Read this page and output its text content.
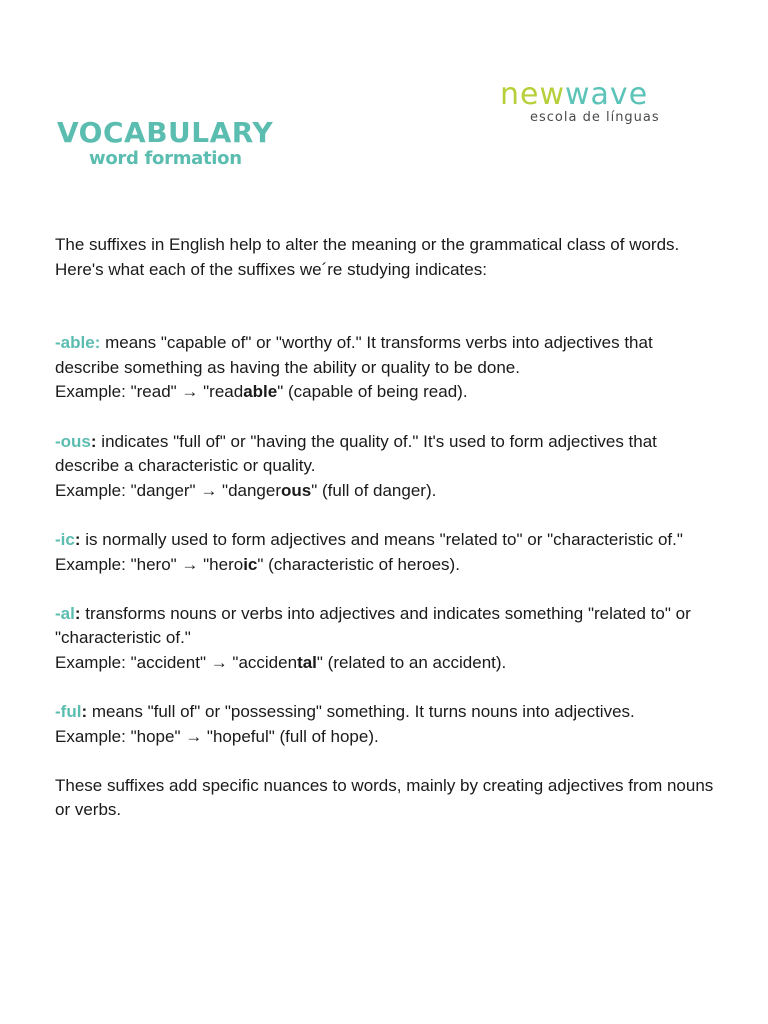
newwave
escola de línguas
VOCABULARY
word formation

The suffixes in English help to alter the meaning or the grammatical class of words. Here's what each of the suffixes we´re studying indicates:

-able: means "capable of" or "worthy of." It transforms verbs into adjectives that describe something as having the ability or quality to be done.
Example: "read" → "readable" (capable of being read).

-ous: indicates "full of" or "having the quality of." It's used to form adjectives that describe a characteristic or quality.
Example: "danger" → "dangerous" (full of danger).

-ic: is normally used to form adjectives and means "related to" or "characteristic of."
Example: "hero" → "heroic" (characteristic of heroes).

-al: transforms nouns or verbs into adjectives and indicates something "related to" or "characteristic of."
Example: "accident" → "accidental" (related to an accident).

-ful: means "full of" or "possessing" something. It turns nouns into adjectives.
Example: "hope" → "hopeful" (full of hope).

These suffixes add specific nuances to words, mainly by creating adjectives from nouns or verbs.
